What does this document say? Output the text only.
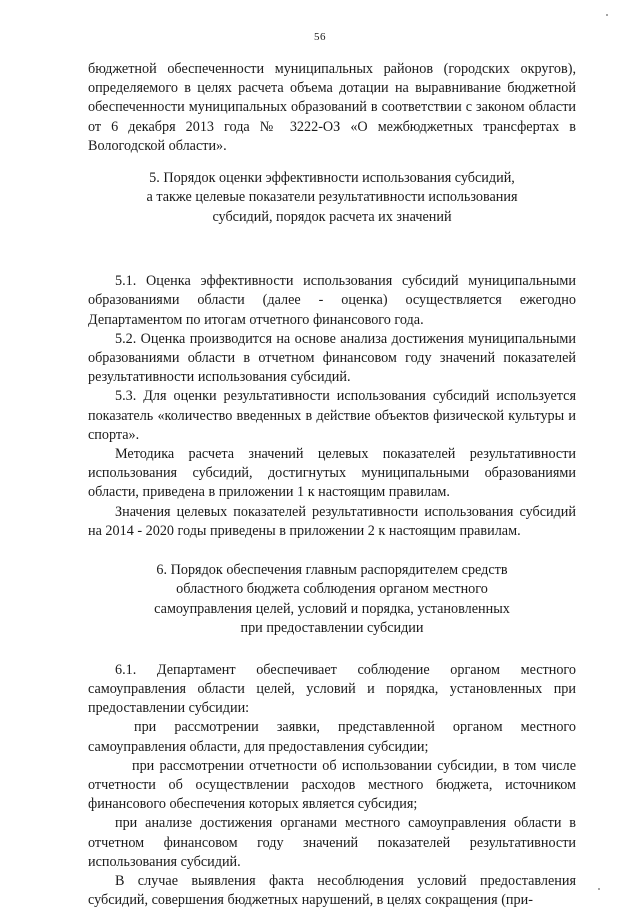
56

бюджетной обеспеченности муниципальных районов (городских округов), определяемого в целях расчета объема дотации на выравнивание бюджетной обеспеченности муниципальных образований в соответствии с законом области от 6 декабря 2013 года № 3222-ОЗ «О межбюджетных трансфертах в Вологодской области».

5. Порядок оценки эффективности использования субсидий,
а также целевые показатели результативности использования
субсидий, порядок расчета их значений

5.1. Оценка эффективности использования субсидий муниципальными образованиями области (далее - оценка) осуществляется ежегодно Департаментом по итогам отчетного финансового года.

5.2. Оценка производится на основе анализа достижения муниципальными образованиями области в отчетном финансовом году значений показателей результативности использования субсидий.

5.3. Для оценки результативности использования субсидий используется показатель «количество введенных в действие объектов физической культуры и спорта».

Методика расчета значений целевых показателей результативности использования субсидий, достигнутых муниципальными образованиями области, приведена в приложении 1 к настоящим правилам.

Значения целевых показателей результативности использования субсидий на 2014 - 2020 годы приведены в приложении 2 к настоящим правилам.

6. Порядок обеспечения главным распорядителем средств
областного бюджета соблюдения органом местного
самоуправления целей, условий и порядка, установленных
при предоставлении субсидии

6.1. Департамент обеспечивает соблюдение органом местного самоуправления области целей, условий и порядка, установленных при предоставлении субсидии:

при рассмотрении заявки, представленной органом местного самоуправления области, для предоставления субсидии;

при рассмотрении отчетности об использовании субсидии, в том числе отчетности об осуществлении расходов местного бюджета, источником финансового обеспечения которых является субсидия;

при анализе достижения органами местного самоуправления области в отчетном финансовом году значений показателей результативности использования субсидий.

В случае выявления факта несоблюдения условий предоставления субсидий, совершения бюджетных нарушений, в целях сокращения (при-
